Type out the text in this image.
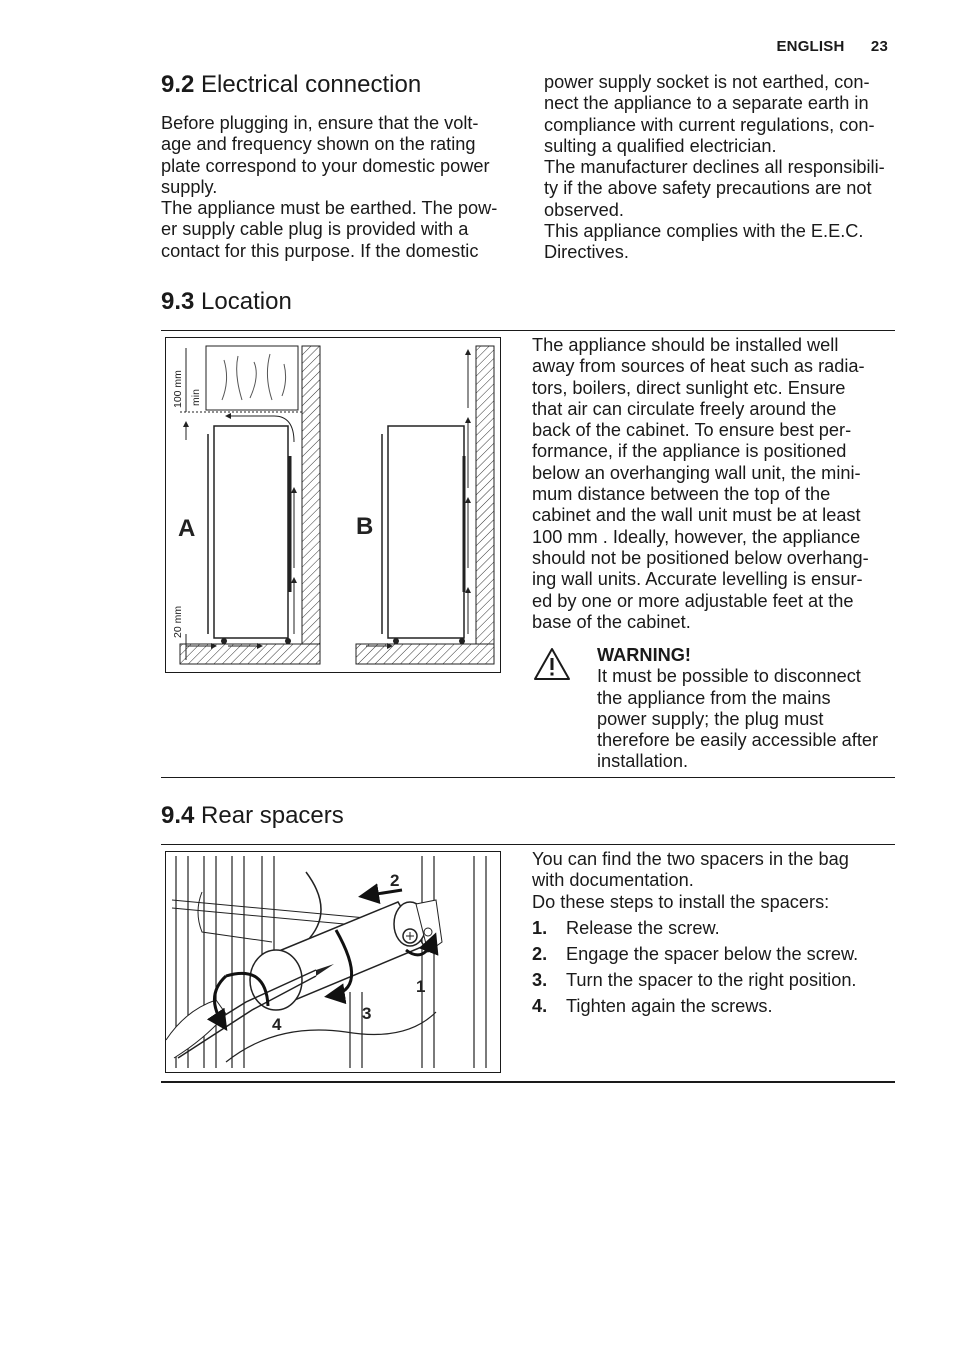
ENGLISH 23
9.2 Electrical connection

Before plugging in, ensure that the volt-
age and frequency shown on the rating
plate correspond to your domestic power
supply.

The appliance must be earthed. The pow-
er supply cable plug is provided with a
contact for this purpose. If the domestic

power supply socket is not earthed, con-
nect the appliance to a separate earth in
compliance with current regulations, con-
sulting a qualified electrician.

The manufacturer declines all responsibili-
ty if the above safety precautions are not
observed.

This appliance complies with the E.E.C.
Directives.

9.3 Location
A
100 mm min
20 mm
B

The appliance should be installed well
away from sources of heat such as radia-
tors, boilers, direct sunlight etc. Ensure
that air can circulate freely around the
back of the cabinet. To ensure best per-
formance, if the appliance is positioned
below an overhanging wall unit, the mini-
mum distance between the top of the
cabinet and the wall unit must be at least
100 mm . Ideally, however, the appliance
should not be positioned below overhang-
ing wall units. Accurate levelling is ensur-
ed by one or more adjustable feet at the
base of the cabinet.

WARNING!

It must be possible to disconnect
the appliance from the mains
power supply; the plug must
therefore be easily accessible after
installation.

9.4 Rear spacers
1
2
3
4

You can find the two spacers in the bag
with documentation.

Do these steps to install the spacers:

1. Release the screw.
2. Engage the spacer below the screw.
3. Turn the spacer to the right position.
4. Tighten again the screws.
